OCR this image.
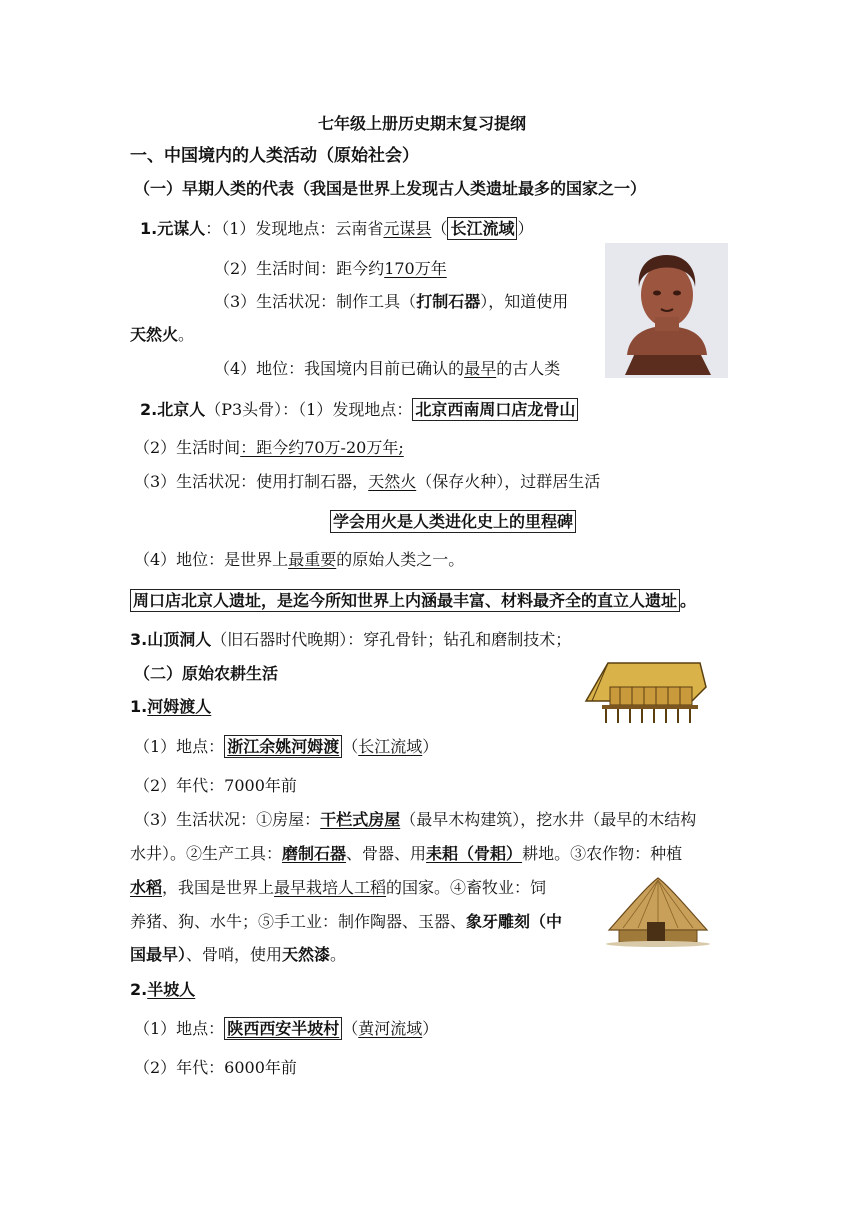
七年级上册历史期末复习提纲
一、中国境内的人类活动（原始社会）
（一）早期人类的代表（我国是世界上发现古人类遗址最多的国家之一）
1.元谋人：（1）发现地点：云南省元谋县（ 长江流域 ）
（2）生活时间：距今约170万年
（3）生活状况：制作工具（打制石器），知道使用
天然火。
（4）地位：我国境内目前已确认的最早的古人类
2.北京人（P3头骨）：（1）发现地点： 北京西南周口店龙骨山
（2）生活时间：距今约70万-20万年;
（3）生活状况：使用打制石器，天然火（保存火种），过群居生活
学会用火是人类进化史上的里程碑
（4）地位：是世界上最重要的原始人类之一。
周口店北京人遗址，是迄今所知世界上内涵最丰富、材料最齐全的直立人遗址 。
3.山顶洞人（旧石器时代晚期）：穿孔骨针；钻孔和磨制技术；
（二）原始农耕生活
1.河姆渡人
（1）地点： 浙江余姚河姆渡 （长江流域）
（2）年代：7000年前
（3）生活状况：①房屋：干栏式房屋（最早木构建筑），挖水井（最早的木结构
水井）。②生产工具：磨制石器、骨器、用耒耜（骨耜）耕地。③农作物：种植
水稻，我国是世界上最早栽培人工稻的国家。④畜牧业：饲
养猪、狗、水牛；⑤手工业：制作陶器、玉器、象牙雕刻（中
国最早）、骨哨，使用天然漆。
2.半坡人
（1）地点： 陕西西安半坡村 （黄河流域）
（2）年代：6000年前
